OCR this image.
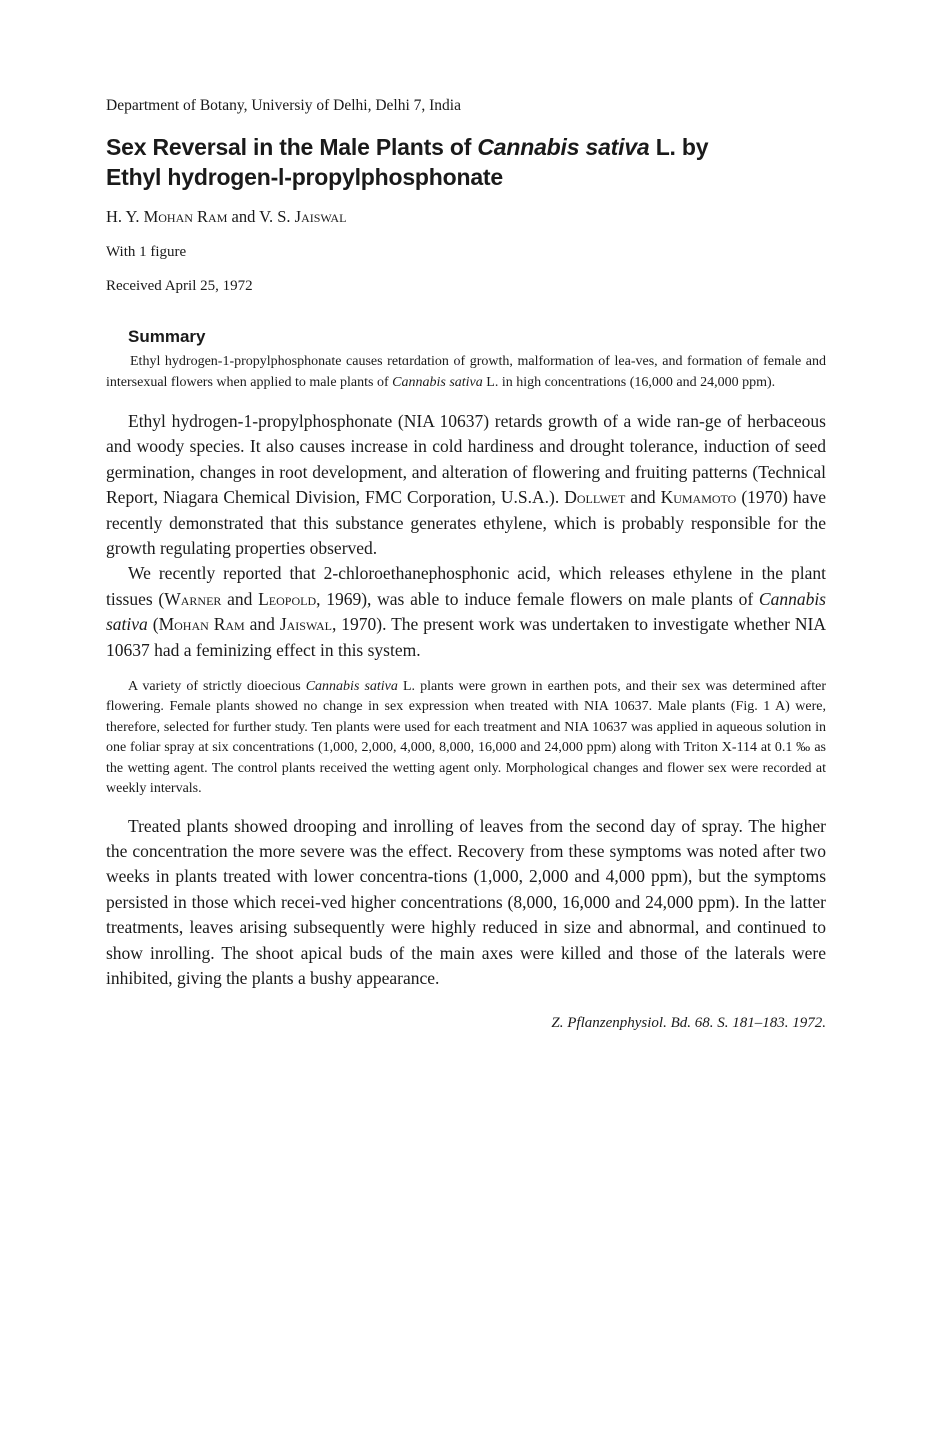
Department of Botany, Universiy of Delhi, Delhi 7, India

Sex Reversal in the Male Plants of Cannabis sativa L. by
Ethyl hydrogen-l-propylphosphonate

H. Y. Mohan Ram and V. S. Jaiswal

With 1 figure

Received April 25, 1972

Summary

Ethyl hydrogen-1-propylphosphonate causes retɑrdation of growth, malformation of lea-ves, and formation of female and intersexual flowers when applied to male plants of Cannabis sativa L. in high concentrations (16,000 and 24,000 ppm).

Ethyl hydrogen-1-propylphosphonate (NIA 10637) retards growth of a wide ran-ge of herbaceous and woody species. It also causes increase in cold hardiness and drought tolerance, induction of seed germination, changes in root development, and alteration of flowering and fruiting patterns (Technical Report, Niagara Chemical Division, FMC Corporation, U.S.A.). Dollwet and Kumamoto (1970) have recently demonstrated that this substance generates ethylene, which is probably responsible for the growth regulating properties observed.

We recently reported that 2-chloroethanephosphonic acid, which releases ethylene in the plant tissues (Warner and Leopold, 1969), was able to induce female flowers on male plants of Cannabis sativa (Mohan Ram and Jaiswal, 1970). The present work was undertaken to investigate whether NIA 10637 had a feminizing effect in this system.

A variety of strictly dioecious Cannabis sativa L. plants were grown in earthen pots, and their sex was determined after flowering. Female plants showed no change in sex expression when treated with NIA 10637. Male plants (Fig. 1 A) were, therefore, selected for further study. Ten plants were used for each treatment and NIA 10637 was applied in aqueous solution in one foliar spray at six concentrations (1,000, 2,000, 4,000, 8,000, 16,000 and 24,000 ppm) along with Triton X-114 at 0.1 ‰ as the wetting agent. The control plants received the wetting agent only. Morphological changes and flower sex were recorded at weekly intervals.

Treated plants showed drooping and inrolling of leaves from the second day of spray. The higher the concentration the more severe was the effect. Recovery from these symptoms was noted after two weeks in plants treated with lower concentra-tions (1,000, 2,000 and 4,000 ppm), but the symptoms persisted in those which recei-ved higher concentrations (8,000, 16,000 and 24,000 ppm). In the latter treatments, leaves arising subsequently were highly reduced in size and abnormal, and continued to show inrolling. The shoot apical buds of the main axes were killed and those of the laterals were inhibited, giving the plants a bushy appearance.

Z. Pflanzenphysiol. Bd. 68. S. 181–183. 1972.
